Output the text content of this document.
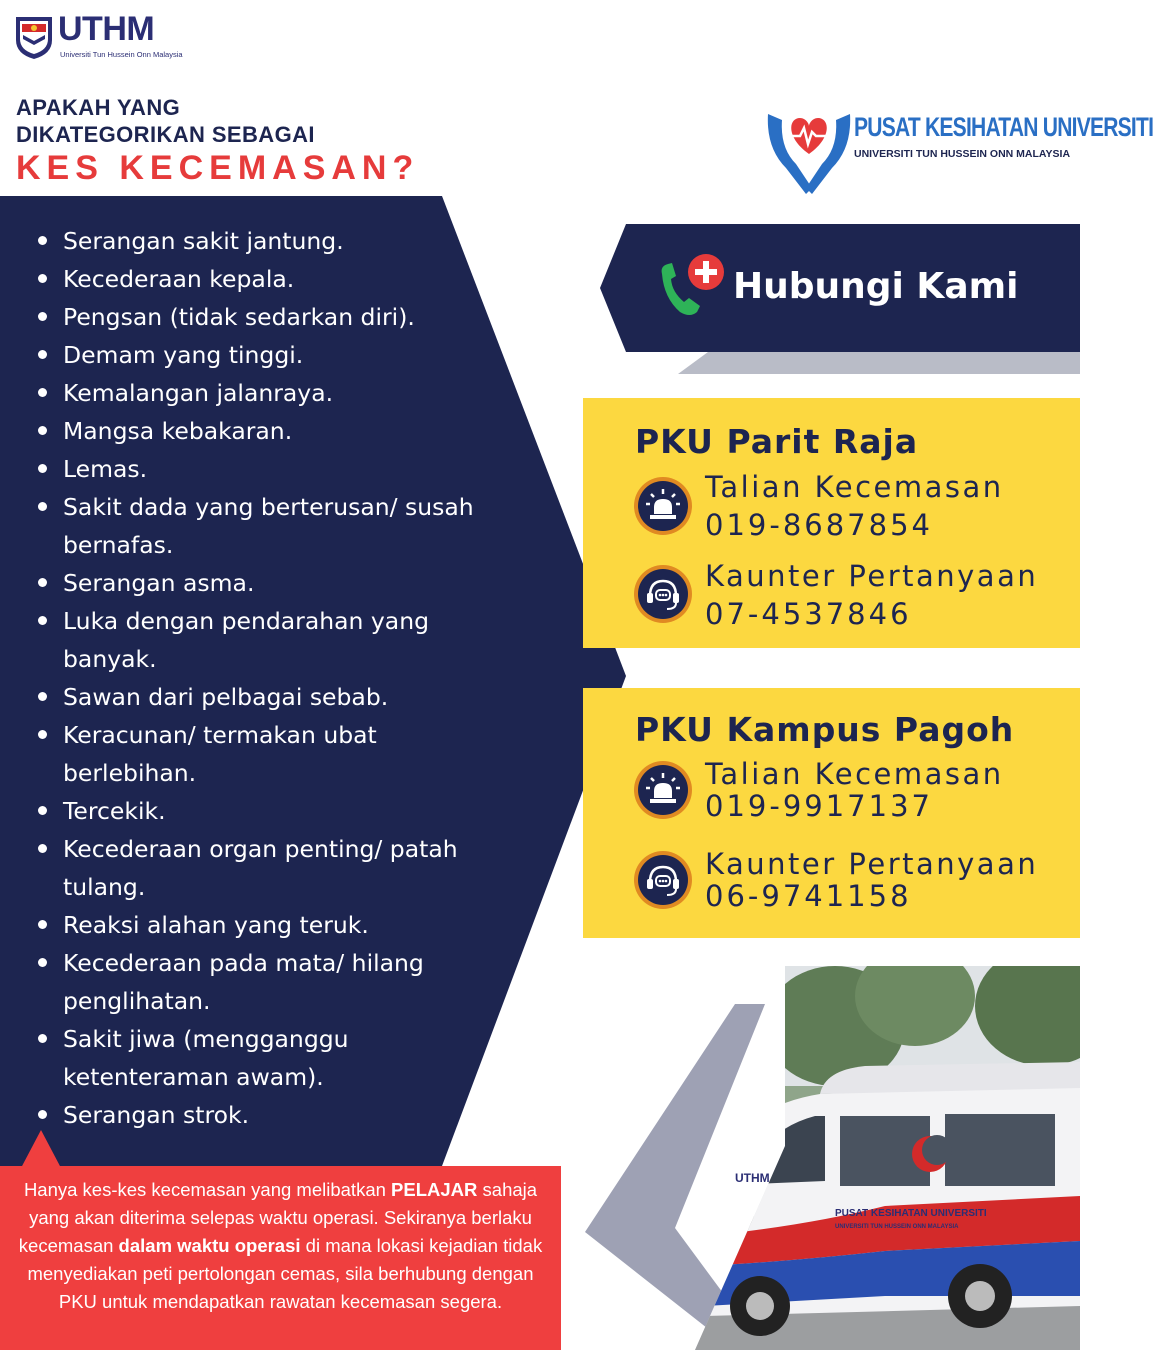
UTHM
Universiti Tun Hussein Onn Malaysia
APAKAH YANG
DIKATEGORIKAN SEBAGAI
KES KECEMASAN?
Serangan sakit jantung.
Kecederaan kepala.
Pengsan (tidak sedarkan diri).
Demam yang tinggi.
Kemalangan jalanraya.
Mangsa kebakaran.
Lemas.
Sakit dada yang berterusan/ susah bernafas.
Serangan asma.
Luka dengan pendarahan yang banyak.
Sawan dari pelbagai sebab.
Keracunan/ termakan ubat berlebihan.
Tercekik.
Kecederaan organ penting/ patah tulang.
Reaksi alahan yang teruk.
Kecederaan pada mata/ hilang penglihatan.
Sakit jiwa (mengganggu ketenteraman awam).
Serangan strok.
Hanya kes-kes kecemasan yang melibatkan PELAJAR sahaja yang akan diterima selepas waktu operasi. Sekiranya berlaku kecemasan dalam waktu operasi di mana lokasi kejadian tidak menyediakan peti pertolongan cemas, sila berhubung dengan PKU untuk mendapatkan rawatan kecemasan segera.
PUSAT KESIHATAN UNIVERSITI
UNIVERSITI TUN HUSSEIN ONN MALAYSIA
Hubungi Kami
PKU Parit Raja
Talian Kecemasan
019-8687854
Kaunter Pertanyaan
07-4537846
PKU Kampus Pagoh
Talian Kecemasan
019-9917137
Kaunter Pertanyaan
06-9741158
UTHM
PUSAT KESIHATAN UNIVERSITI
UNIVERSITI TUN HUSSEIN ONN MALAYSIA
